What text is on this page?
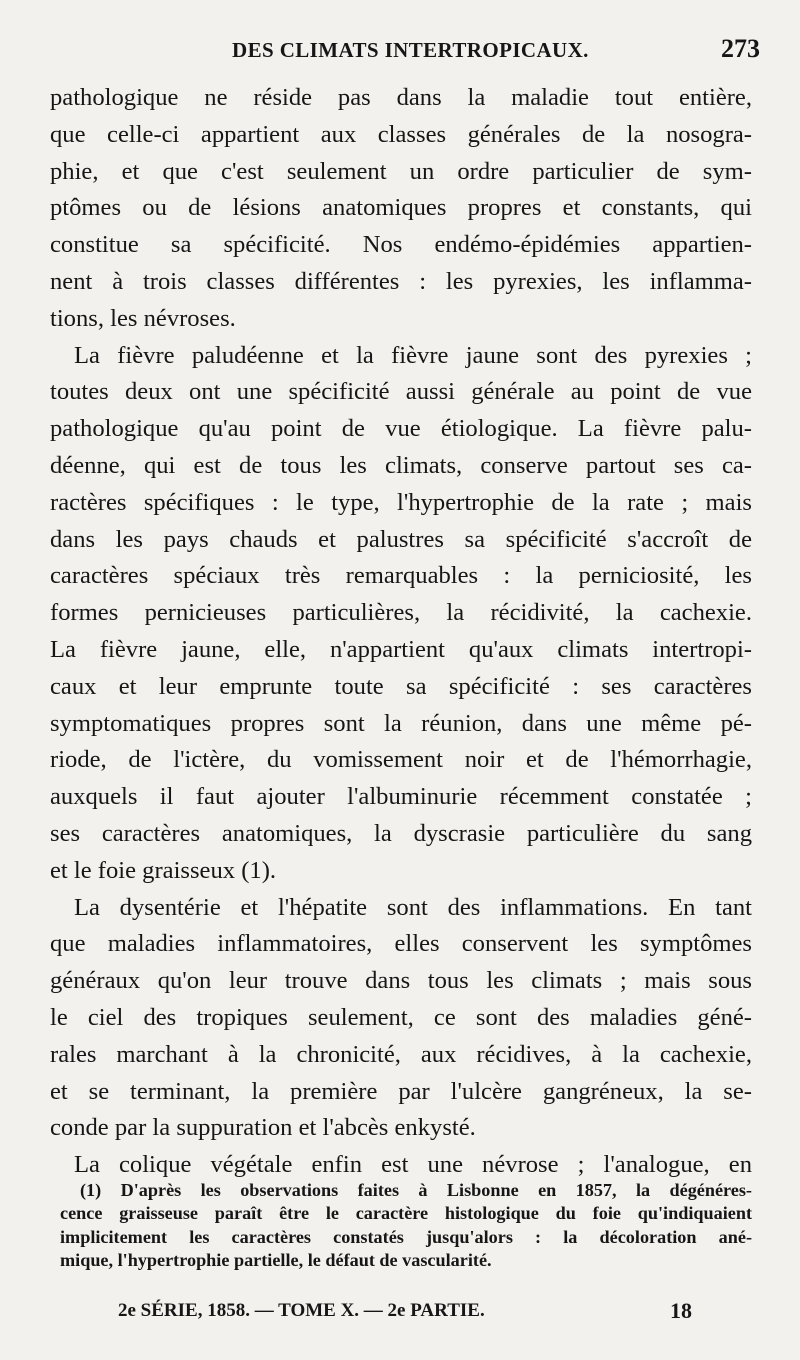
DES CLIMATS INTERTROPICAUX.	273
pathologique ne réside pas dans la maladie tout entière,
que celle-ci appartient aux classes générales de la nosogra-
phie, et que c'est seulement un ordre particulier de sym-
ptômes ou de lésions anatomiques propres et constants, qui
constitue sa spécificité. Nos endémo-épidémies appartien-
nent à trois classes différentes : les pyrexies, les inflamma-
tions, les névroses.
La fièvre paludéenne et la fièvre jaune sont des pyrexies ;
toutes deux ont une spécificité aussi générale au point de vue
pathologique qu'au point de vue étiologique. La fièvre palu-
déenne, qui est de tous les climats, conserve partout ses ca-
ractères spécifiques : le type, l'hypertrophie de la rate ; mais
dans les pays chauds et palustres sa spécificité s'accroît de
caractères spéciaux très remarquables : la perniciosité, les
formes pernicieuses particulières, la récidivité, la cachexie.
La fièvre jaune, elle, n'appartient qu'aux climats intertropi-
caux et leur emprunte toute sa spécificité : ses caractères
symptomatiques propres sont la réunion, dans une même pé-
riode, de l'ictère, du vomissement noir et de l'hémorrhagie,
auxquels il faut ajouter l'albuminurie récemment constatée ;
ses caractères anatomiques, la dyscrasie particulière du sang
et le foie graisseux (1).
La dysentérie et l'hépatite sont des inflammations. En tant
que maladies inflammatoires, elles conservent les symptômes
généraux qu'on leur trouve dans tous les climats ; mais sous
le ciel des tropiques seulement, ce sont des maladies géné-
rales marchant à la chronicité, aux récidives, à la cachexie,
et se terminant, la première par l'ulcère gangréneux, la se-
conde par la suppuration et l'abcès enkysté.
La colique végétale enfin est une névrose ; l'analogue, en
(1) D'après les observations faites à Lisbonne en 1857, la dégénéres-
cence graisseuse paraît être le caractère histologique du foie qu'indiquaient
implicitement les caractères constatés jusqu'alors : la décoloration ané-
mique, l'hypertrophie partielle, le défaut de vascularité.
2e SÉRIE, 1858. — TOME X. — 2e PARTIE.	18
